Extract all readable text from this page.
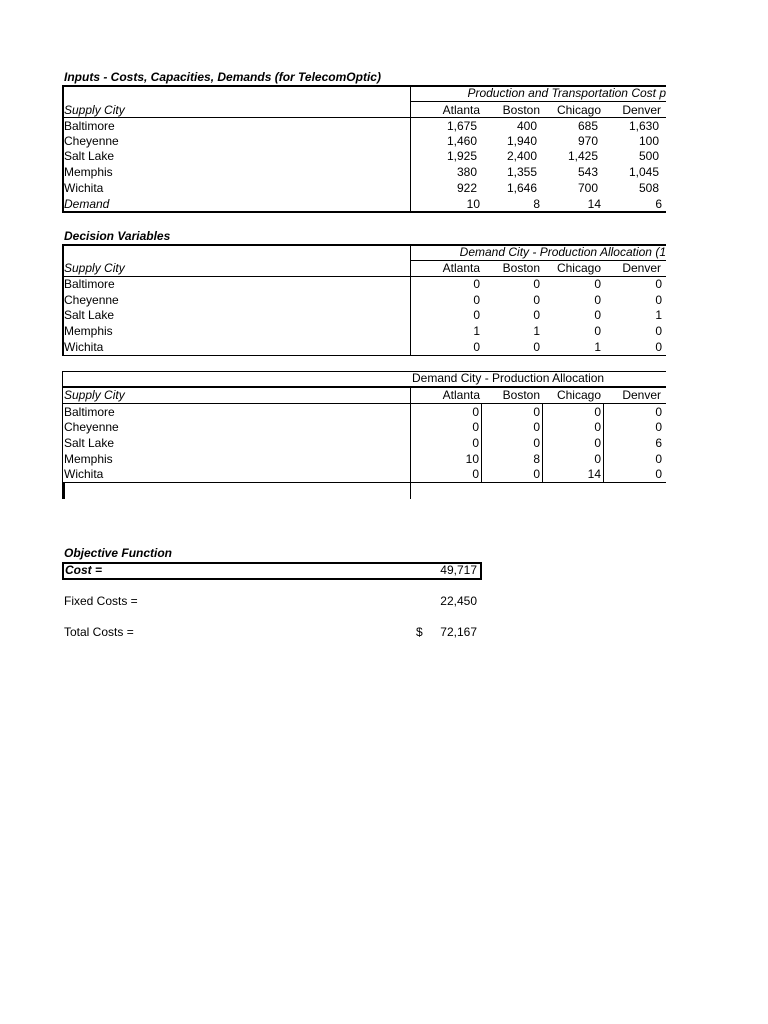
Inputs - Costs, Capacities, Demands (for TelecomOptic)
Production and Transportation Cost p
Supply City	Atlanta	Boston	Chicago	Denver
Baltimore	1,675	400	685	1,630
Cheyenne	1,460	1,940	970	100
Salt Lake	1,925	2,400	1,425	500
Memphis	380	1,355	543	1,045
Wichita	922	1,646	700	508
Demand	10	8	14	6
Decision Variables
Demand City - Production Allocation (1
Supply City	Atlanta	Boston	Chicago	Denver
Baltimore	0	0	0	0
Cheyenne	0	0	0	0
Salt Lake	0	0	0	1
Memphis	1	1	0	0
Wichita	0	0	1	0
Demand City - Production Allocation
Supply City	Atlanta	Boston	Chicago	Denver
Baltimore	0	0	0	0
Cheyenne	0	0	0	0
Salt Lake	0	0	0	6
Memphis	10	8	0	0
Wichita	0	0	14	0
Objective Function
Cost =	49,717
Fixed Costs =	22,450
Total Costs =	$	72,167
